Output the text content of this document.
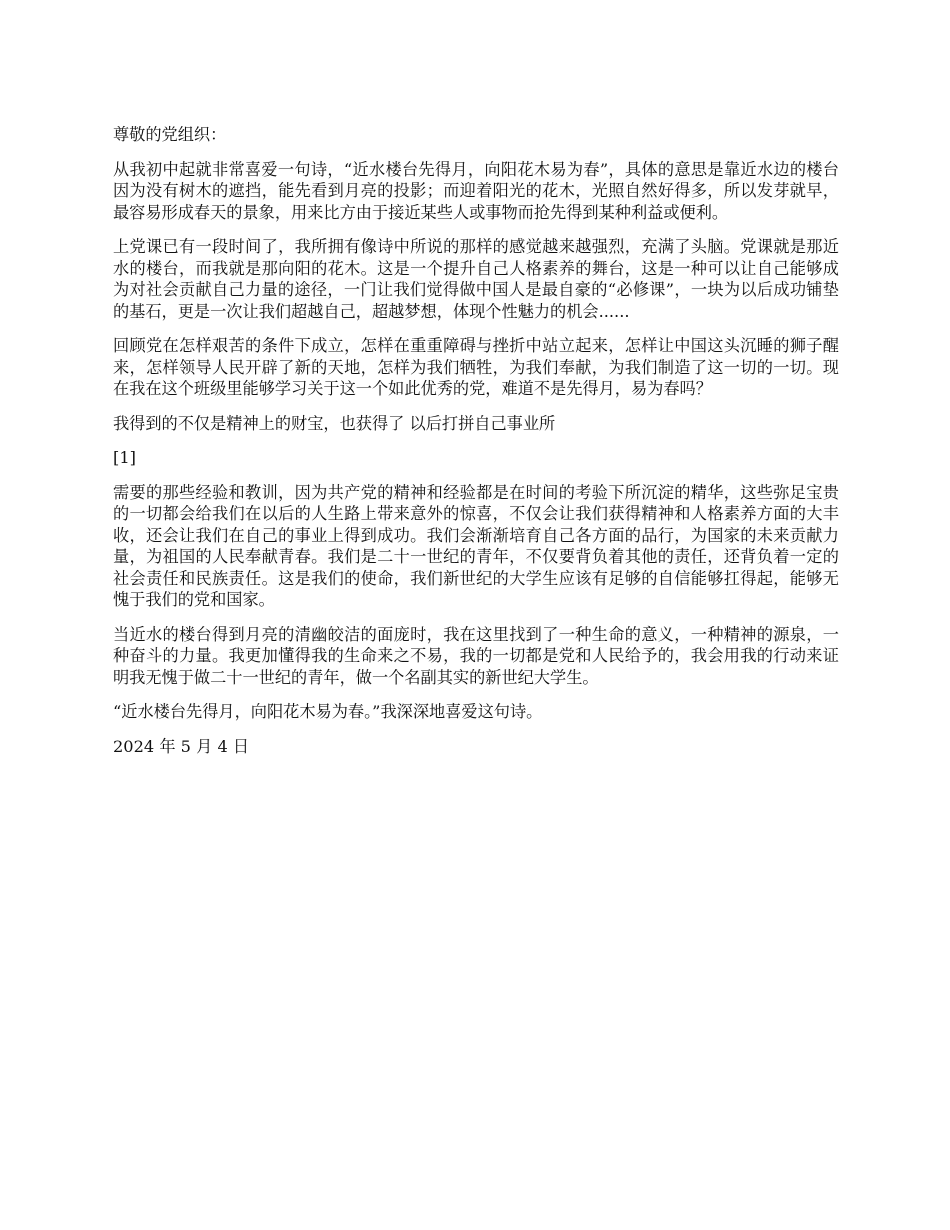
尊敬的党组织：

从我初中起就非常喜爱一句诗，“近水楼台先得月，向阳花木易为春”，具体的意思是靠近水边的楼台因为没有树木的遮挡，能先看到月亮的投影；而迎着阳光的花木，光照自然好得多，所以发芽就早，最容易形成春天的景象，用来比方由于接近某些人或事物而抢先得到某种利益或便利。

上党课已有一段时间了，我所拥有像诗中所说的那样的感觉越来越强烈，充满了头脑。党课就是那近水的楼台，而我就是那向阳的花木。这是一个提升自己人格素养的舞台，这是一种可以让自己能够成为对社会贡献自己力量的途径，一门让我们觉得做中国人是最自豪的“必修课”，一块为以后成功铺垫的基石，更是一次让我们超越自己，超越梦想，体现个性魅力的机会......

回顾党在怎样艰苦的条件下成立，怎样在重重障碍与挫折中站立起来，怎样让中国这头沉睡的狮子醒来，怎样领导人民开辟了新的天地，怎样为我们牺牲，为我们奉献，为我们制造了这一切的一切。现在我在这个班级里能够学习关于这一个如此优秀的党，难道不是先得月，易为春吗？

我得到的不仅是精神上的财宝，也获得了 以后打拼自己事业所

[1]

需要的那些经验和教训，因为共产党的精神和经验都是在时间的考验下所沉淀的精华，这些弥足宝贵的一切都会给我们在以后的人生路上带来意外的惊喜，不仅会让我们获得精神和人格素养方面的大丰收，还会让我们在自己的事业上得到成功。我们会渐渐培育自己各方面的品行，为国家的未来贡献力量，为祖国的人民奉献青春。我们是二十一世纪的青年，不仅要背负着其他的责任，还背负着一定的社会责任和民族责任。这是我们的使命，我们新世纪的大学生应该有足够的自信能够扛得起，能够无愧于我们的党和国家。

当近水的楼台得到月亮的清幽皎洁的面庞时，我在这里找到了一种生命的意义，一种精神的源泉，一种奋斗的力量。我更加懂得我的生命来之不易，我的一切都是党和人民给予的，我会用我的行动来证明我无愧于做二十一世纪的青年，做一个名副其实的新世纪大学生。

“近水楼台先得月，向阳花木易为春。”我深深地喜爱这句诗。

2024 年 5 月 4 日
